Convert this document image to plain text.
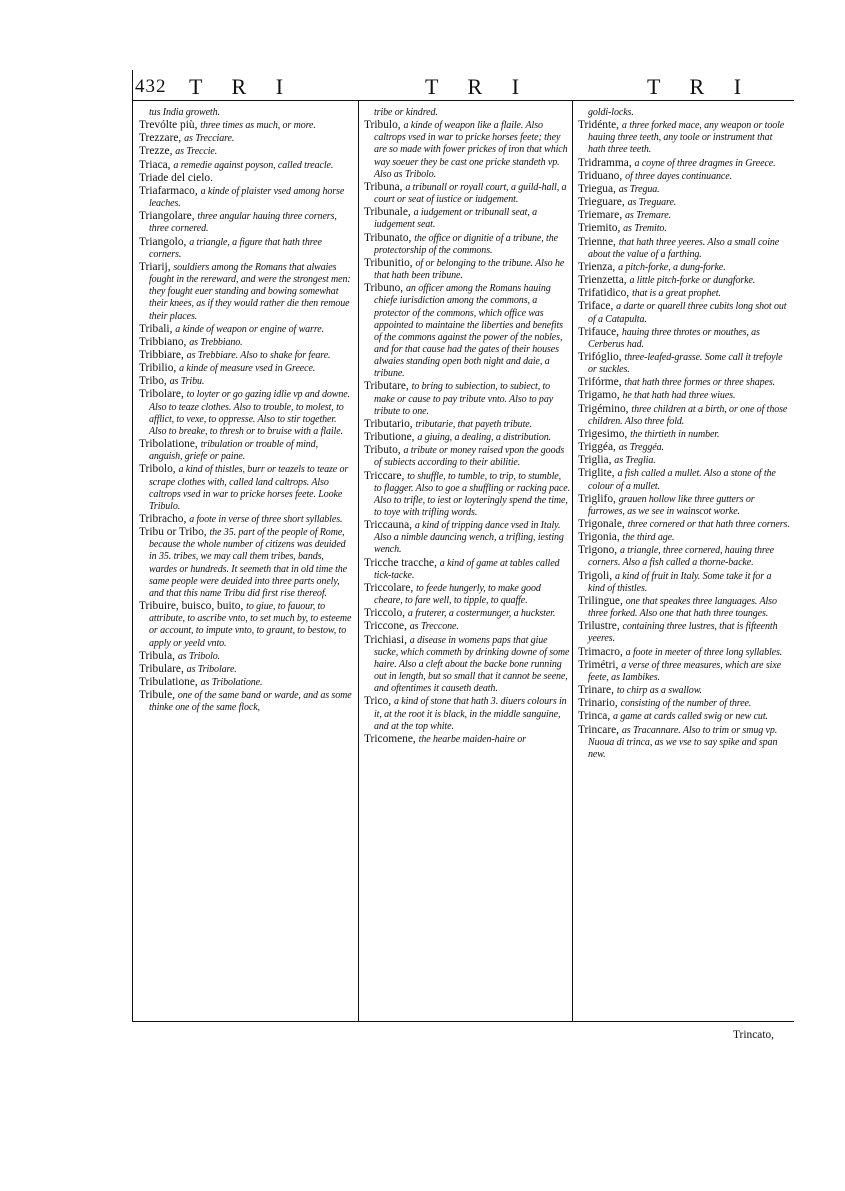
432 T R I	T R I	T R I

tus India groweth.

Trevólte più, three times as much, or more.

Trezzare, as Trecciare.

Trezze, as Treccie.

Triaca, a remedie against poyson, called treacle.

Triade del cielo.

Triafarmaco, a kinde of plaister vsed among horse leaches.

Triangolare, three angular hauing three corners, three cornered.

Triangolo, a triangle, a figure that hath three corners.

Triarij, souldiers among the Romans that alwaies fought in the rereward, and were the strongest men: they fought euer standing and bowing somewhat their knees, as if they would rather die then remoue their places.

Tribali, a kinde of weapon or engine of warre.

Tribbiano, as Trebbiano.

Tribbiare, as Trebbiare. Also to shake for feare.

Tribilio, a kinde of measure vsed in Greece.

Tribo, as Tribu.

Tribolare, to loyter or go gazing idlie vp and downe. Also to teaze clothes. Also to trouble, to molest, to afflict, to vexe, to oppresse. Also to stir together. Also to breake, to thresh or to bruise with a flaile.

Tribolatione, tribulation or trouble of mind, anguish, griefe or paine.

Tribolo, a kind of thistles, burr or teazels to teaze or scrape clothes with, called land caltrops. Also caltrops vsed in war to pricke horses feete. Looke Tribulo.

Tribracho, a foote in verse of three short syllables.

Tribu or Tribo, the 35. part of the people of Rome, because the whole number of citizens was deuided in 35. tribes, we may call them tribes, bands, wardes or hundreds. It seemeth that in old time the same people were deuided into three parts onely, and that this name Tribu did first rise thereof.

Tribuire, buisco, buito, to giue, to fauour, to attribute, to ascribe vnto, to set much by, to esteeme or account, to impute vnto, to graunt, to bestow, to apply or yeeld vnto.

Tribula, as Tribolo.

Tribulare, as Tribolare.

Tribulatione, as Tribolatione.

Tribule, one of the same band or warde, and as some thinke one of the same flock,

tribe or kindred.

Tribulo, a kinde of weapon like a flaile. Also caltrops vsed in war to pricke horses feete; they are so made with fower prickes of iron that which way soeuer they be cast one pricke standeth vp. Also as Tribolo.

Tribuna, a tribunall or royall court, a guild-hall, a court or seat of iustice or iudgement.

Tribunale, a iudgement or tribunall seat, a iudgement seat.

Tribunato, the office or dignitie of a tribune, the protectorship of the commons.

Tribunitio, of or belonging to the tribune. Also he that hath been tribune.

Tribuno, an officer among the Romans hauing chiefe iurisdiction among the commons, a protector of the commons, which office was appointed to maintaine the liberties and benefits of the commons against the power of the nobles, and for that cause had the gates of their houses alwaies standing open both night and daie, a tribune.

Tributare, to bring to subiection, to subiect, to make or cause to pay tribute vnto. Also to pay tribute to one.

Tributario, tributarie, that payeth tribute.

Tributione, a giuing, a dealing, a distribution.

Tributo, a tribute or money raised vpon the goods of subiects according to their abilitie.

Triccare, to shuffle, to tumble, to trip, to stumble, to flagger. Also to goe a shuffling or racking pace. Also to trifle, to iest or loyteringly spend the time, to toye with trifling words.

Triccauna, a kind of tripping dance vsed in Italy. Also a nimble dauncing wench, a trifling, iesting wench.

Tricche tracche, a kind of game at tables called tick-tacke.

Triccolare, to feede hungerly, to make good cheare, to fare well, to tipple, to quaffe.

Triccolo, a fruterer, a costermunger, a huckster.

Triccone, as Treccone.

Trichiasi, a disease in womens paps that giue sucke, which commeth by drinking downe of some haire. Also a cleft about the backe bone running out in length, but so small that it cannot be seene, and oftentimes it causeth death.

Trico, a kind of stone that hath 3. diuers colours in it, at the root it is black, in the middle sanguine, and at the top white.

Tricomene, the hearbe maiden-haire or

goldi-locks.

Tridénte, a three forked mace, any weapon or toole hauing three teeth, any toole or instrument that hath three teeth.

Tridramma, a coyne of three dragmes in Greece.

Triduano, of three dayes continuance.

Triegua, as Tregua.

Trieguare, as Treguare.

Triemare, as Tremare.

Triemito, as Tremito.

Trienne, that hath three yeeres. Also a small coine about the value of a farthing.

Trienza, a pitch-forke, a dung-forke.

Trienzetta, a little pitch-forke or dungforke.

Trifatidico, that is a great prophet.

Triface, a darte or quarell three cubits long shot out of a Catapulta.

Trifauce, hauing three throtes or mouthes, as Cerberus had.

Trifóglio, three-leafed-grasse. Some call it trefoyle or suckles.

Trifórme, that hath three formes or three shapes.

Trigamo, he that hath had three wiues.

Trigémino, three children at a birth, or one of those children. Also three fold.

Trigesimo, the thirtieth in number.

Triggéa, as Treggéa.

Triglia, as Treglia.

Triglite, a fish called a mullet. Also a stone of the colour of a mullet.

Triglifo, grauen hollow like three gutters or furrowes, as we see in wainscot worke.

Trigonale, three cornered or that hath three corners.

Trigonia, the third age.

Trigono, a triangle, three cornered, hauing three corners. Also a fish called a thorne-backe.

Trigoli, a kind of fruit in Italy. Some take it for a kind of thistles.

Trilingue, one that speakes three languages. Also three forked. Also one that hath three tounges.

Trilustre, containing three lustres, that is fifteenth yeeres.

Trimacro, a foote in meeter of three long syllables.

Trimétri, a verse of three measures, which are sixe feete, as Iambikes.

Trinare, to chirp as a swallow.

Trinario, consisting of the number of three.

Trinca, a game at cards called swig or new cut.

Trincare, as Tracannare. Also to trim or smug vp. Nuoua di trinca, as we vse to say spike and span new.

Trincato,
